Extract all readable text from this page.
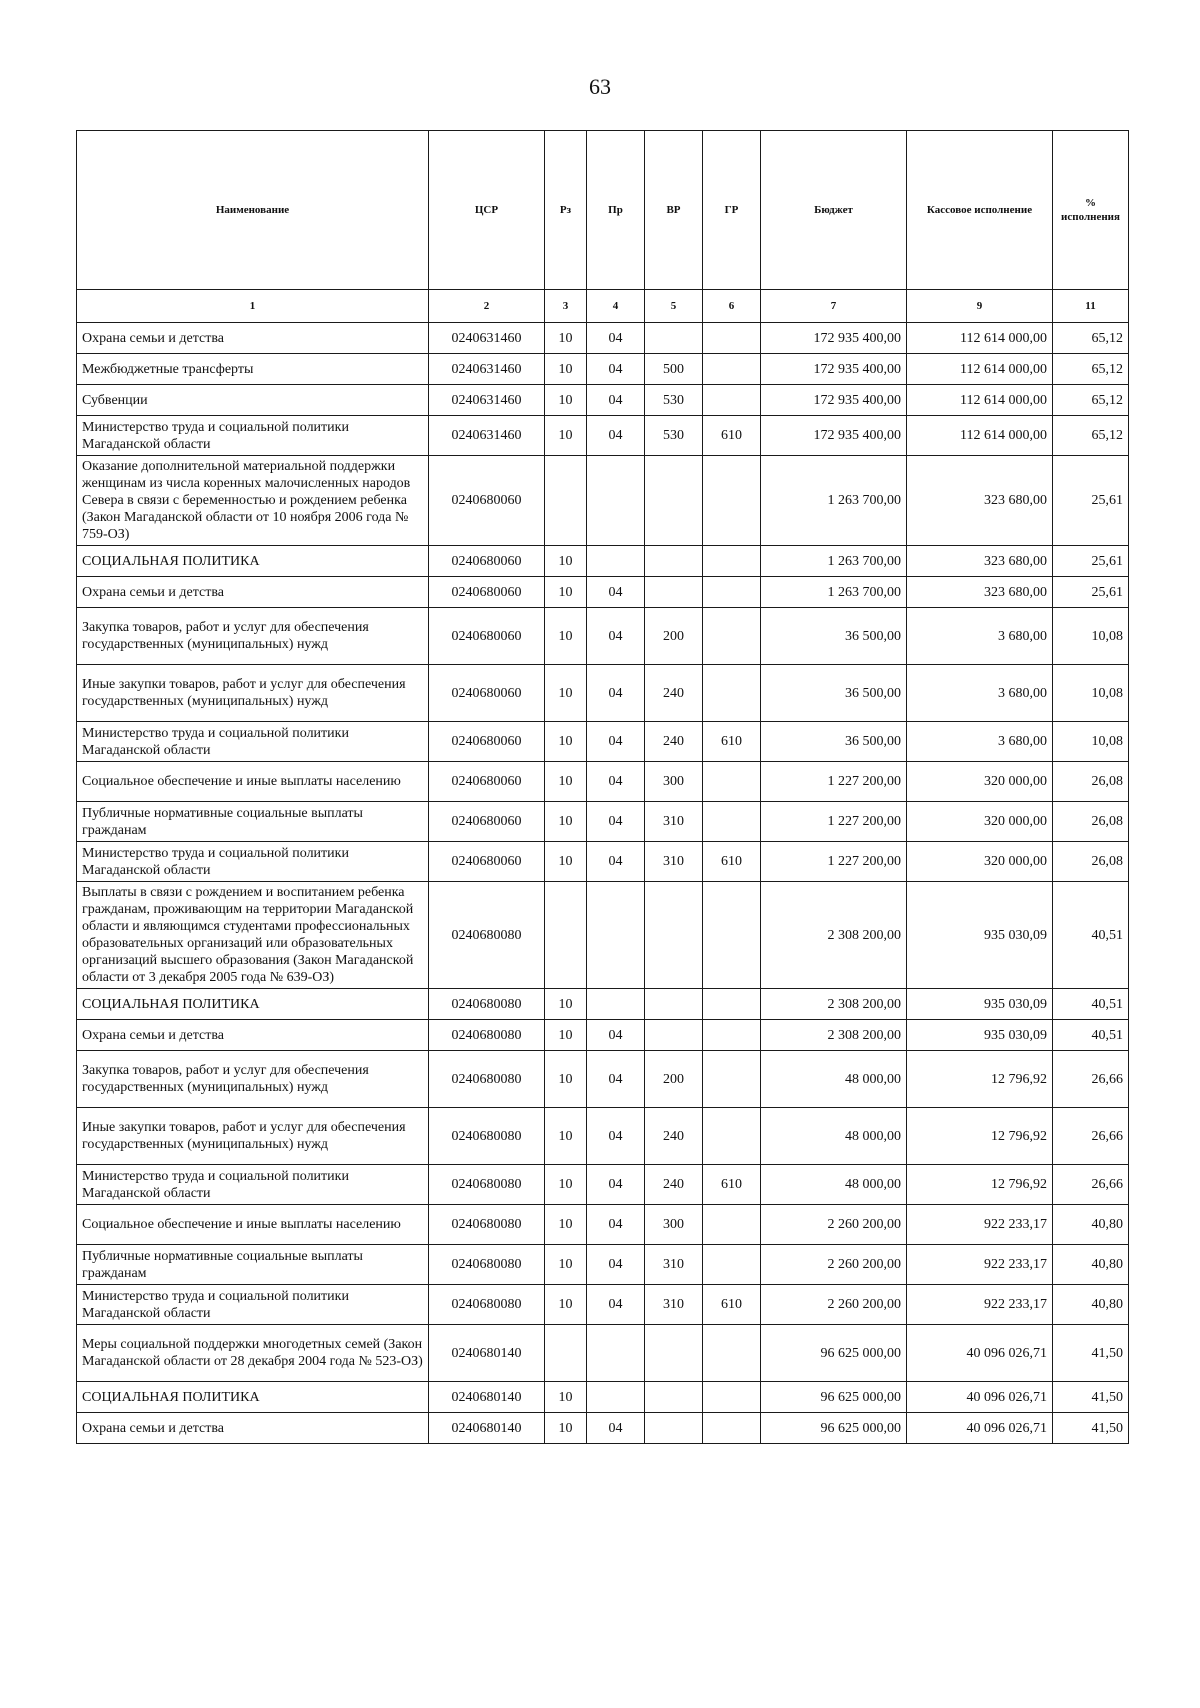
63
Наименование	ЦСР	Рз	Пр	ВР	ГР	Бюджет	Кассовое исполнение	% исполнения
1	2	3	4	5	6	7	9	11
Охрана семьи и детства	0240631460	10	04			172 935 400,00	112 614 000,00	65,12
Межбюджетные трансферты	0240631460	10	04	500		172 935 400,00	112 614 000,00	65,12
Субвенции	0240631460	10	04	530		172 935 400,00	112 614 000,00	65,12
Министерство труда и социальной политики Магаданской области	0240631460	10	04	530	610	172 935 400,00	112 614 000,00	65,12
Оказание дополнительной материальной поддержки женщинам из числа коренных малочисленных народов Севера в связи с беременностью и рождением ребенка (Закон Магаданской области от 10 ноября 2006 года № 759-ОЗ)	0240680060					1 263 700,00	323 680,00	25,61
СОЦИАЛЬНАЯ ПОЛИТИКА	0240680060	10				1 263 700,00	323 680,00	25,61
Охрана семьи и детства	0240680060	10	04			1 263 700,00	323 680,00	25,61
Закупка товаров, работ и услуг для обеспечения государственных (муниципальных) нужд	0240680060	10	04	200		36 500,00	3 680,00	10,08
Иные закупки товаров, работ и услуг для обеспечения государственных (муниципальных) нужд	0240680060	10	04	240		36 500,00	3 680,00	10,08
Министерство труда и социальной политики Магаданской области	0240680060	10	04	240	610	36 500,00	3 680,00	10,08
Социальное обеспечение и иные выплаты населению	0240680060	10	04	300		1 227 200,00	320 000,00	26,08
Публичные нормативные социальные выплаты гражданам	0240680060	10	04	310		1 227 200,00	320 000,00	26,08
Министерство труда и социальной политики Магаданской области	0240680060	10	04	310	610	1 227 200,00	320 000,00	26,08
Выплаты в связи с рождением и воспитанием ребенка гражданам, проживающим на территории Магаданской области и являющимся студентами профессиональных образовательных организаций или образовательных организаций высшего образования (Закон Магаданской области от 3 декабря 2005 года № 639-ОЗ)	0240680080					2 308 200,00	935 030,09	40,51
СОЦИАЛЬНАЯ ПОЛИТИКА	0240680080	10				2 308 200,00	935 030,09	40,51
Охрана семьи и детства	0240680080	10	04			2 308 200,00	935 030,09	40,51
Закупка товаров, работ и услуг для обеспечения государственных (муниципальных) нужд	0240680080	10	04	200		48 000,00	12 796,92	26,66
Иные закупки товаров, работ и услуг для обеспечения государственных (муниципальных) нужд	0240680080	10	04	240		48 000,00	12 796,92	26,66
Министерство труда и социальной политики Магаданской области	0240680080	10	04	240	610	48 000,00	12 796,92	26,66
Социальное обеспечение и иные выплаты населению	0240680080	10	04	300		2 260 200,00	922 233,17	40,80
Публичные нормативные социальные выплаты гражданам	0240680080	10	04	310		2 260 200,00	922 233,17	40,80
Министерство труда и социальной политики Магаданской области	0240680080	10	04	310	610	2 260 200,00	922 233,17	40,80
Меры социальной поддержки многодетных семей (Закон Магаданской области от 28 декабря 2004 года № 523-ОЗ)	0240680140					96 625 000,00	40 096 026,71	41,50
СОЦИАЛЬНАЯ ПОЛИТИКА	0240680140	10				96 625 000,00	40 096 026,71	41,50
Охрана семьи и детства	0240680140	10	04			96 625 000,00	40 096 026,71	41,50
